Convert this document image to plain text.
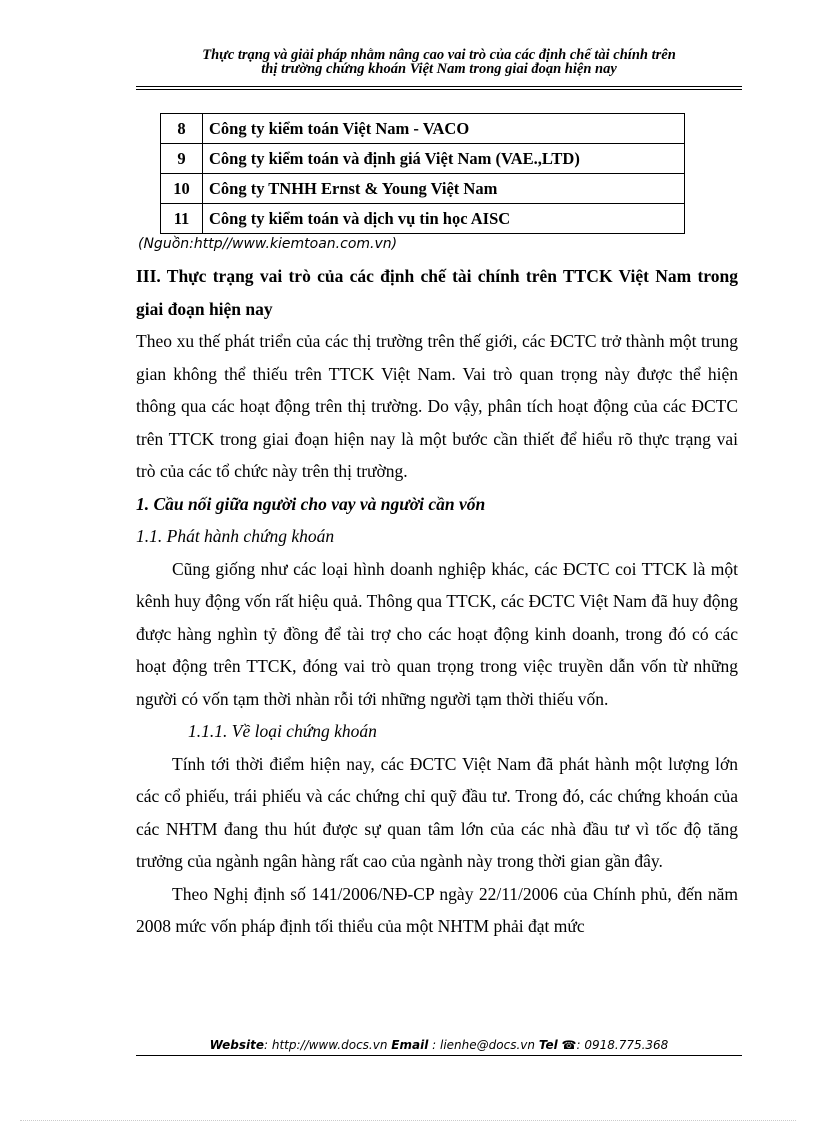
Thực trạng và giải pháp nhằm nâng cao vai trò của các định chế tài chính trên
thị trường chứng khoán Việt Nam trong giai đoạn hiện nay
8	Công ty kiểm toán Việt Nam - VACO
9	Công ty kiểm toán và định giá Việt Nam (VAE.,LTD)
10	Công ty TNHH Ernst & Young Việt Nam
11	Công ty kiểm toán và dịch vụ tin học AISC
(Nguồn:http//www.kiemtoan.com.vn)

III. Thực trạng vai trò của các định chế tài chính trên TTCK Việt Nam trong giai đoạn hiện nay

Theo xu thế phát triển của các thị trường trên thế giới, các ĐCTC trở thành một trung gian không thể thiếu trên TTCK Việt Nam. Vai trò quan trọng này được thể hiện thông qua các hoạt động trên thị trường. Do vậy, phân tích hoạt động của các ĐCTC trên TTCK trong giai đoạn hiện nay là một bước cần thiết để hiểu rõ thực trạng vai trò của các tổ chức này trên thị trường.

1. Cầu nối giữa người cho vay và người cần vốn

1.1. Phát hành chứng khoán

Cũng giống như các loại hình doanh nghiệp khác, các ĐCTC coi TTCK là một kênh huy động vốn rất hiệu quả. Thông qua TTCK, các ĐCTC Việt Nam đã huy động được hàng nghìn tỷ đồng để tài trợ cho các hoạt động kinh doanh, trong đó có các hoạt động trên TTCK, đóng vai trò quan trọng trong việc truyền dẫn vốn từ những người có vốn tạm thời nhàn rỗi tới những người tạm thời thiếu vốn.

1.1.1. Về loại chứng khoán

Tính tới thời điểm hiện nay, các ĐCTC Việt Nam đã phát hành một lượng lớn các cổ phiếu, trái phiếu và các chứng chỉ quỹ đầu tư. Trong đó, các chứng khoán của các NHTM đang thu hút được sự quan tâm lớn của các nhà đầu tư vì tốc độ tăng trưởng của ngành ngân hàng rất cao của ngành này trong thời gian gần đây.

Theo Nghị định số 141/2006/NĐ-CP ngày 22/11/2006 của Chính phủ, đến năm 2008 mức vốn pháp định tối thiểu của một NHTM phải đạt mức

Website: http://www.docs.vn Email : lienhe@docs.vn Tel ☎: 0918.775.368
